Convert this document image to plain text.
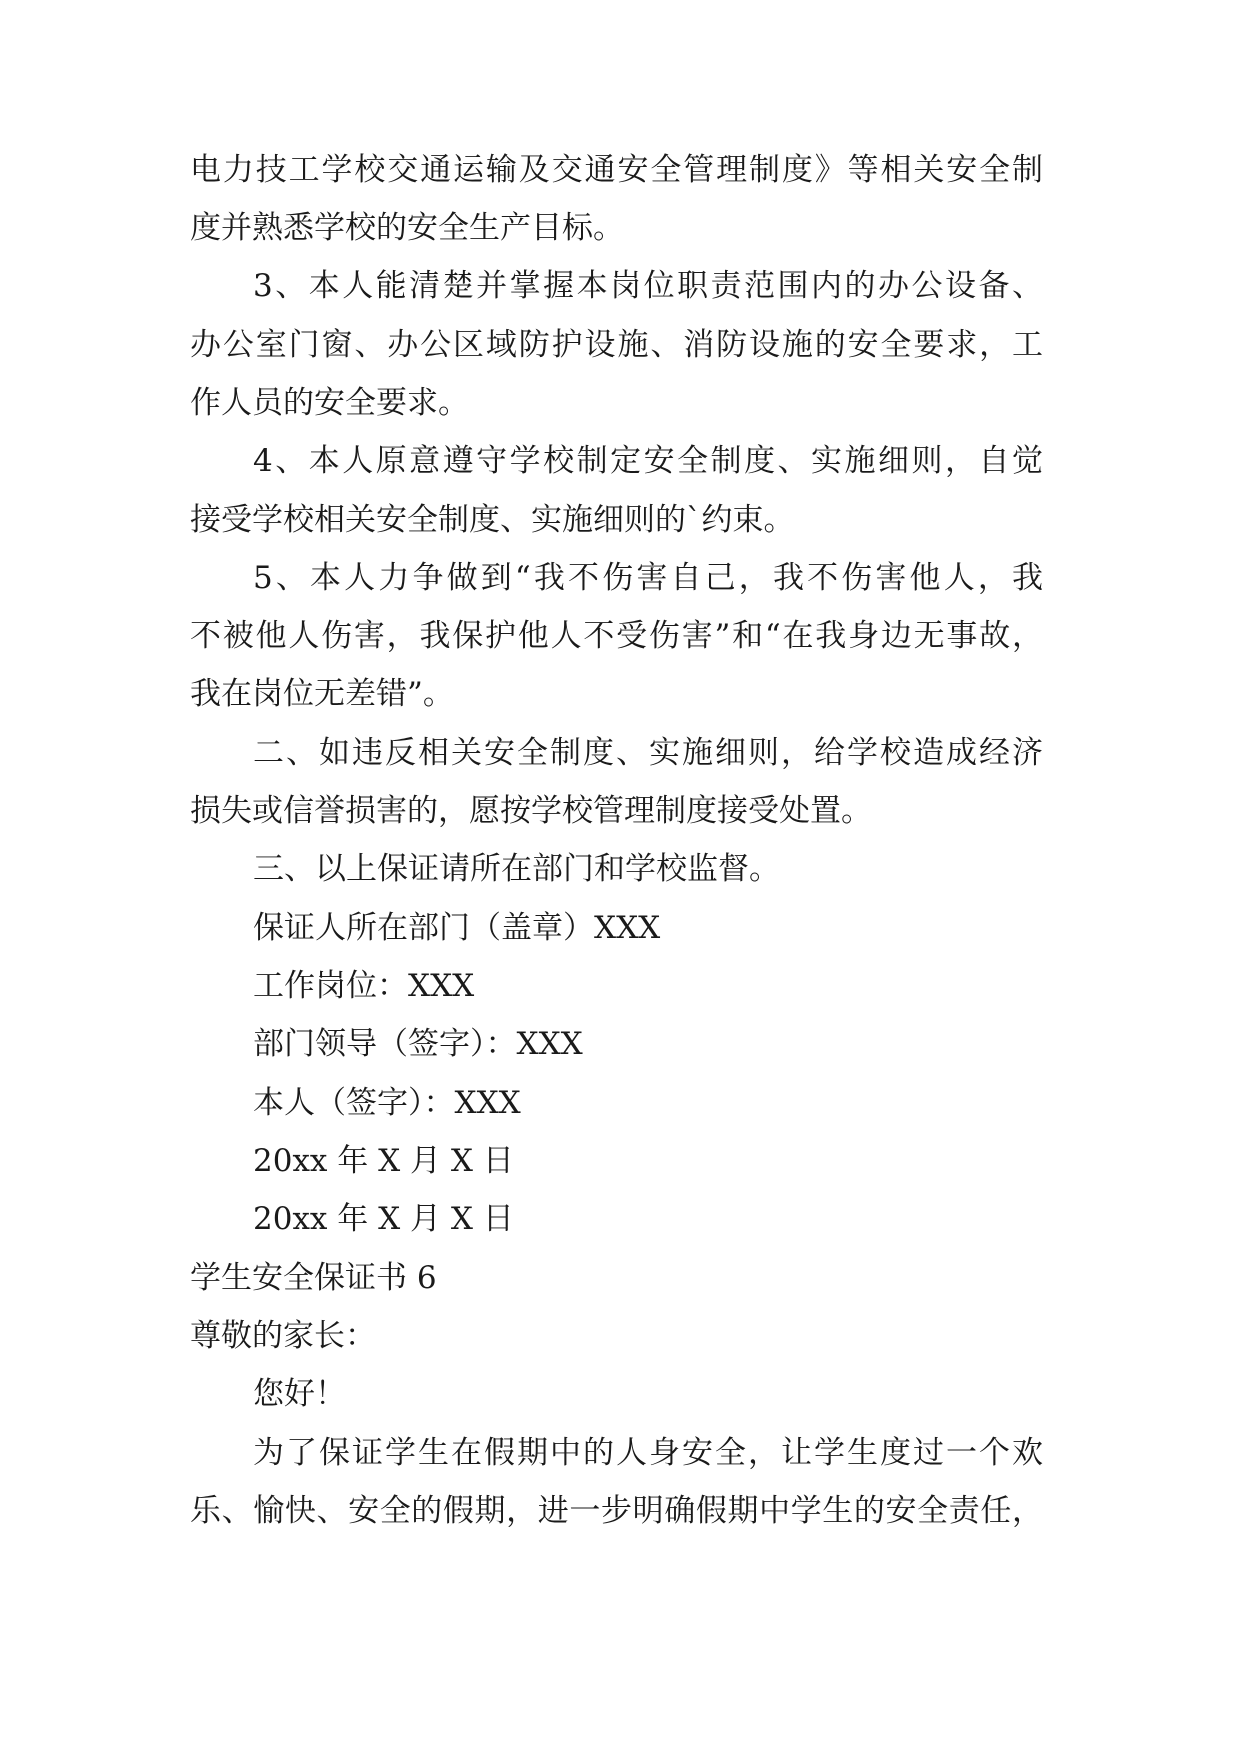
电力技工学校交通运输及交通安全管理制度》等相关安全制
度并熟悉学校的安全生产目标。
3、本人能清楚并掌握本岗位职责范围内的办公设备、
办公室门窗、办公区域防护设施、消防设施的安全要求，工
作人员的安全要求。
4、本人原意遵守学校制定安全制度、实施细则，自觉
接受学校相关安全制度、实施细则的`约束。
5、本人力争做到“我不伤害自己，我不伤害他人，我
不被他人伤害，我保护他人不受伤害”和“在我身边无事故，
我在岗位无差错”。
二、如违反相关安全制度、实施细则，给学校造成经济
损失或信誉损害的，愿按学校管理制度接受处置。
三、以上保证请所在部门和学校监督。
保证人所在部门（盖章）XXX
工作岗位：XXX
部门领导（签字）：XXX
本人（签字）：XXX
20xx 年 X 月 X 日
20xx 年 X 月 X 日
学生安全保证书 6
尊敬的家长：
您好！
为了保证学生在假期中的人身安全，让学生度过一个欢
乐、愉快、安全的假期，进一步明确假期中学生的安全责任，
